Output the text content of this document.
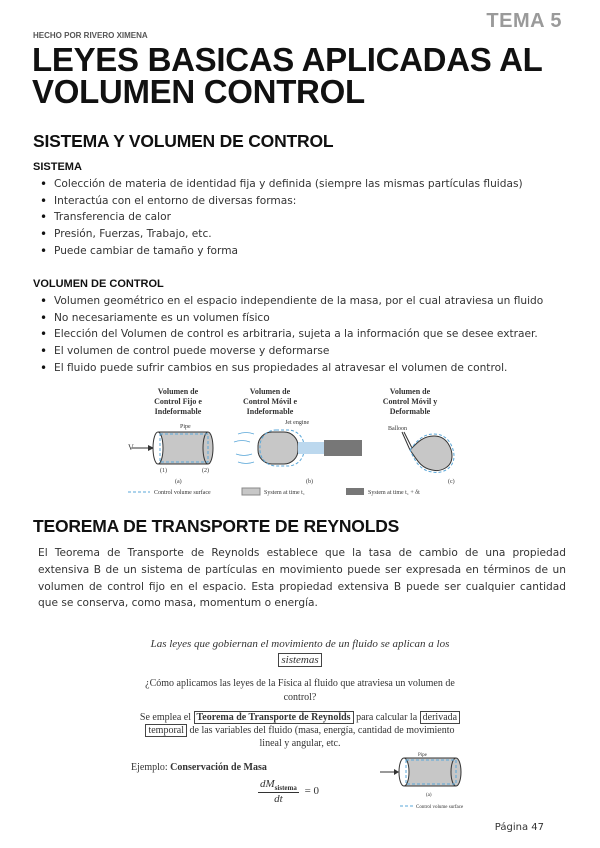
TEMA 5
HECHO POR RIVERO XIMENA
LEYES BASICAS APLICADAS AL
VOLUMEN CONTROL
SISTEMA Y VOLUMEN DE CONTROL
SISTEMA
• Colección de materia de identidad fija y definida (siempre las mismas partículas fluidas)
• Interactúa con el entorno de diversas formas:
• Transferencia de calor
• Presión, Fuerzas, Trabajo, etc.
• Puede cambiar de tamaño y forma
VOLUMEN DE CONTROL
• Volumen geométrico en el espacio independiente de la masa, por el cual atraviesa un fluido
• No necesariamente es un volumen físico
• Elección del Volumen de control es arbitraria, sujeta a la información que se desee extraer.
• El volumen de control puede moverse y deformarse
• El fluido puede sufrir cambios en sus propiedades al atravesar el volumen de control.
Volumen de
Control Fijo e
Indeformable
Volumen de
Control Móvil e
Indeformable
Volumen de
Control Móvil y
Deformable
V
Pipe
(1)	(2)
(a)
Jet engine
(b)
Balloon
(c)
Control volume surface	System at time t₁	System at time t₁ + δt
TEOREMA DE TRANSPORTE DE REYNOLDS
El Teorema de Transporte de Reynolds establece que la tasa de cambio de una propiedad extensiva B de un sistema de partículas en movimiento puede ser expresada en términos de un volumen de control fijo en el espacio. Esta propiedad extensiva B puede ser cualquier cantidad que se conserva, como masa, momentum o energía.
Las leyes que gobiernan el movimiento de un fluido se aplican a los
sistemas
¿Cómo aplicamos las leyes de la Física al fluido que atraviesa un volumen de
control?
Se emplea el Teorema de Transporte de Reynolds para calcular la derivada
temporal de las variables del fluido (masa, energía, cantidad de movimiento
lineal y angular, etc.
Ejemplo: Conservación de Masa
$dM_{sistema}$
dt
= 0
Pipe
(a)
Control volume surface
Página 47
